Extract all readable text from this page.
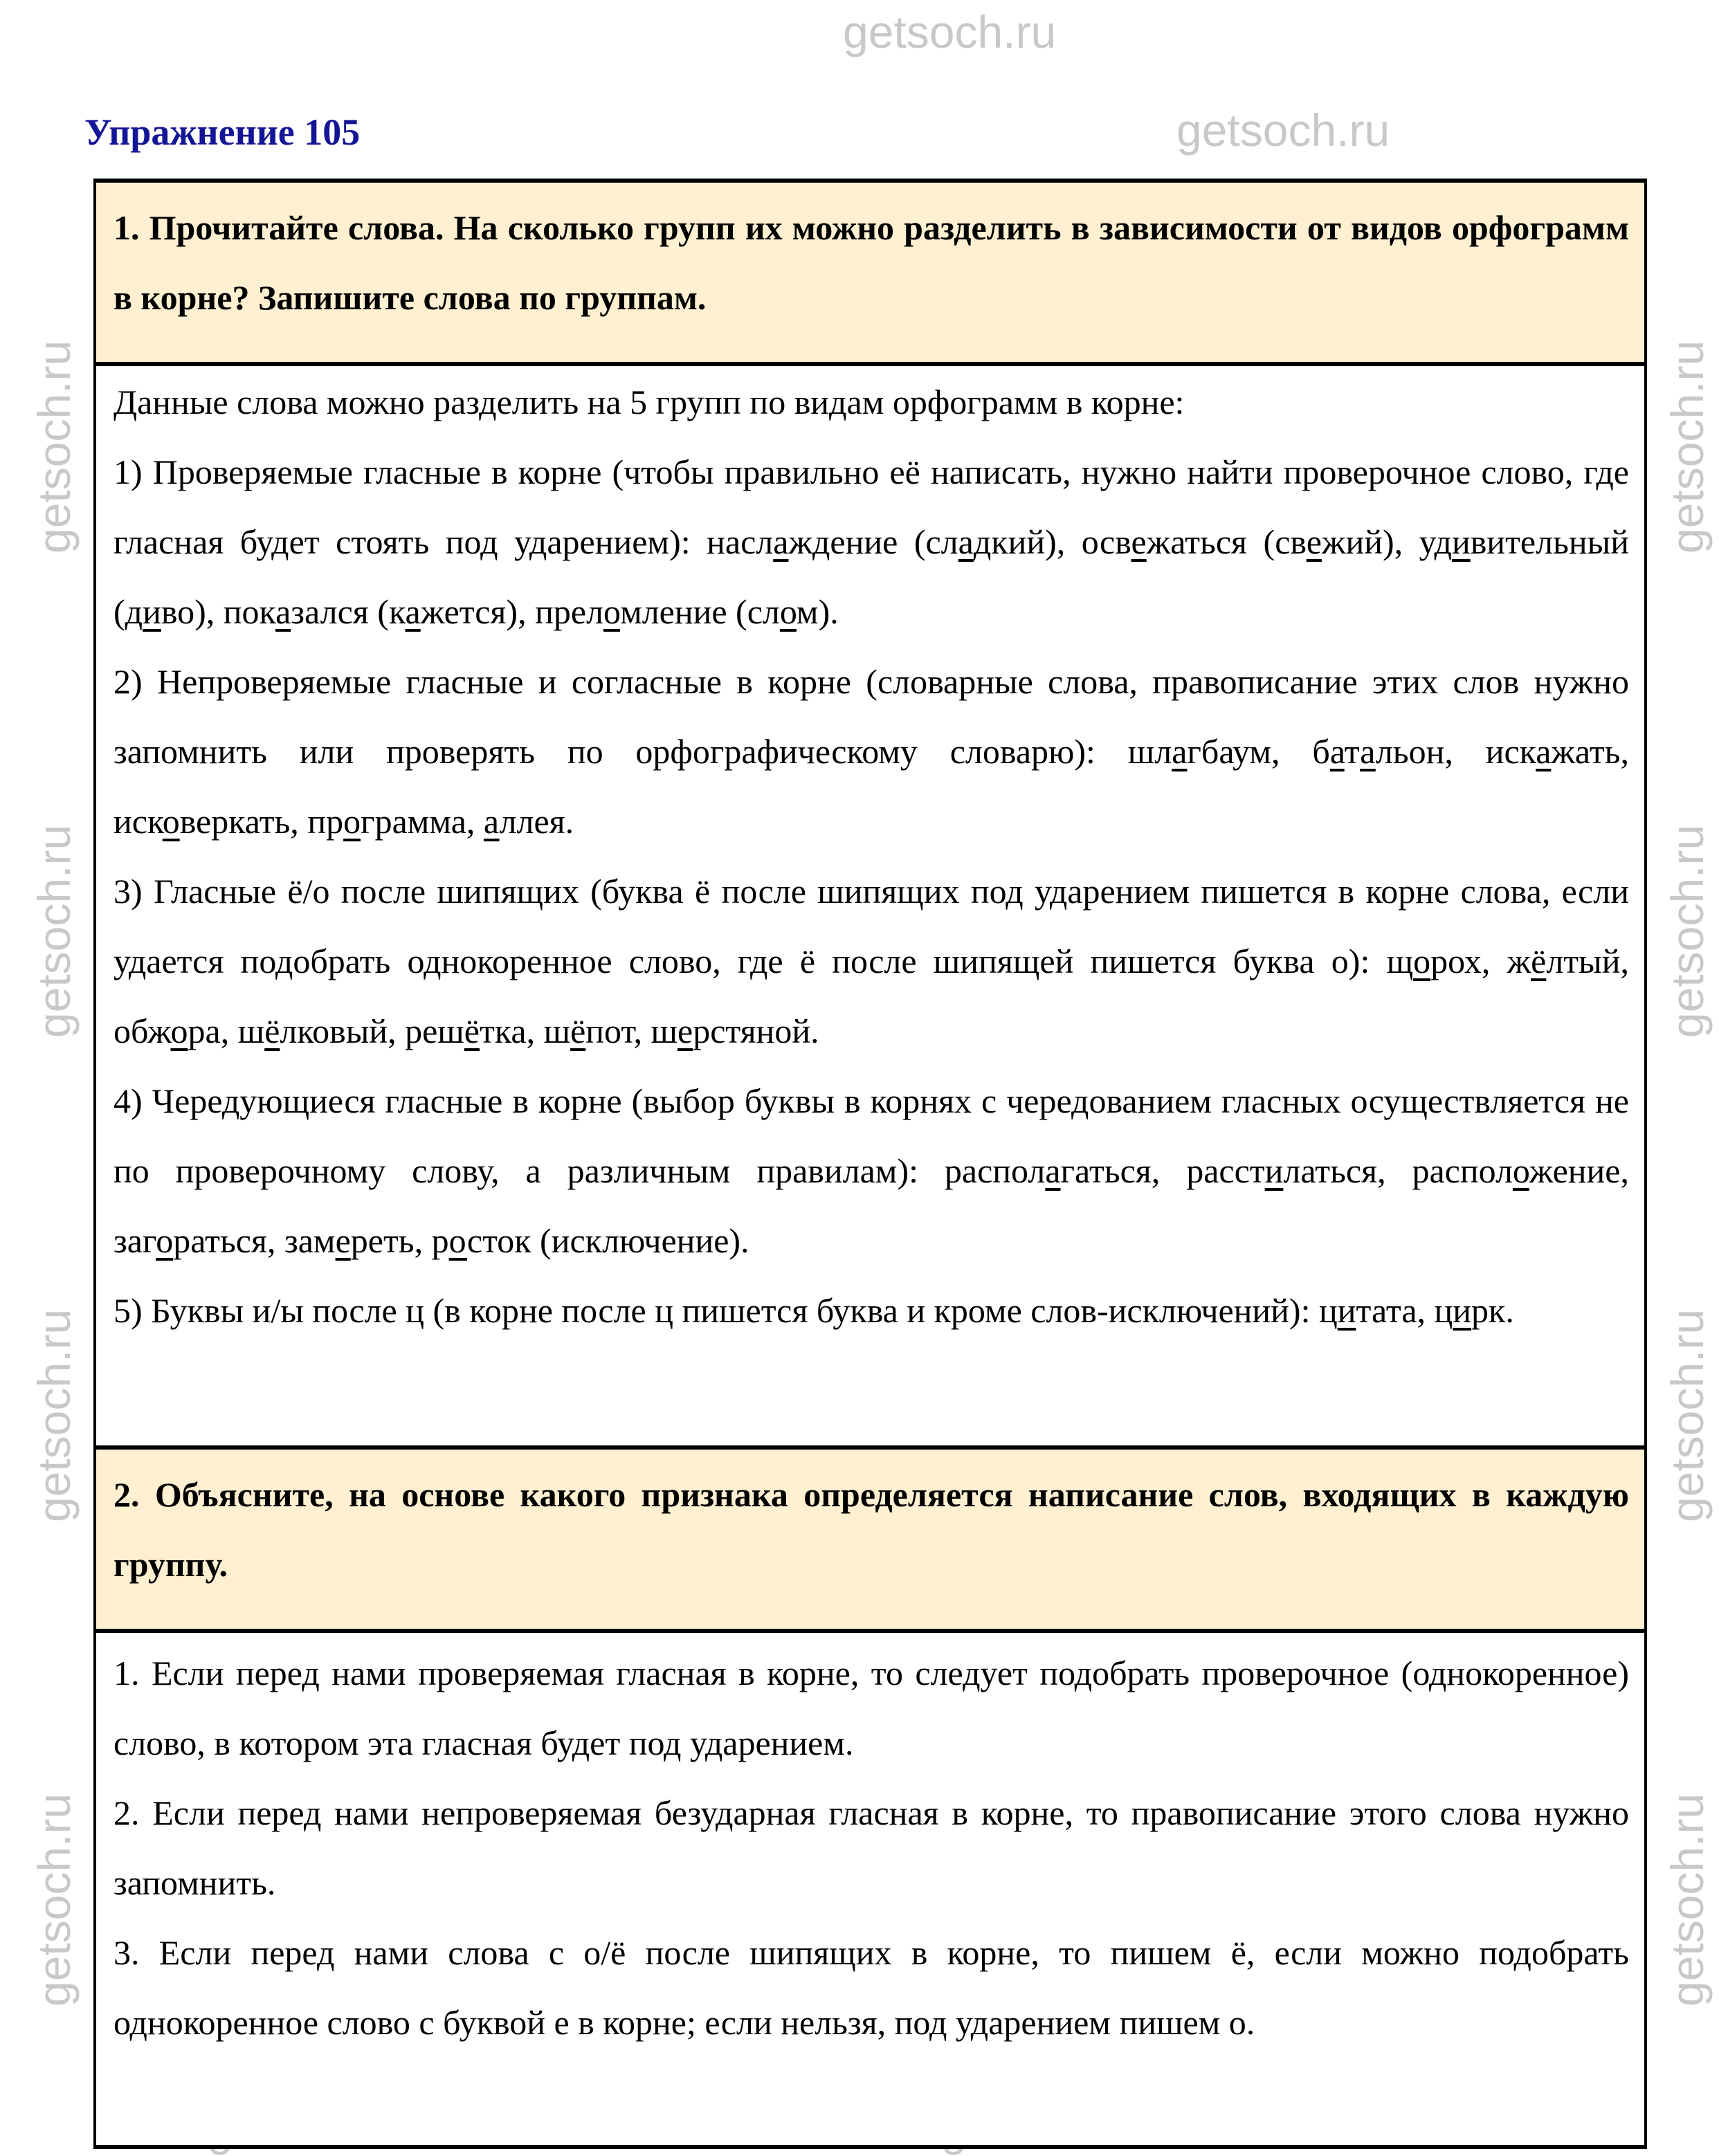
getsoch.ru
getsoch.ru
getsoch.ru
getsoch.ru
getsoch.ru
getsoch.ru
getsoch.ru
getsoch.ru
getsoch.ru
getsoch.ru
Упражнение 105

1. Прочитайте слова. На сколько групп их можно разделить в зависимости от видов орфограмм в корне? Запишите слова по группам.

Данные слова можно разделить на 5 групп по видам орфограмм в корне:

1) Проверяемые гласные в корне (чтобы правильно её написать, нужно найти проверочное слово, где гласная будет стоять под ударением): наслаждение (сладкий), освежаться (свежий), удивительный (диво), показался (кажется), преломление (слом).

2) Непроверяемые гласные и согласные в корне (словарные слова, правописание этих слов нужно запомнить или проверять по орфографическому словарю): шлагбаум, батальон, искажать, исковеркать, программа, аллея.

3) Гласные ё/о после шипящих (буква ё после шипящих под ударением пишется в корне слова, если удается подобрать однокоренное слово, где ё после шипящей пишется буква о): щорох, жёлтый, обжора, шёлковый, решётка, шёпот, шерстяной.

4) Чередующиеся гласные в корне (выбор буквы в корнях с чередованием гласных осуществляется не по проверочному слову, а различным правилам): располагаться, расстилаться, расположение, загораться, замереть, росток (исключение).

5) Буквы и/ы после ц (в корне после ц пишется буква и кроме слов-исключений): цитата, цирк.

2. Объясните, на основе какого признака определяется написание слов, входящих в каждую группу.

1. Если перед нами проверяемая гласная в корне, то следует подобрать проверочное (однокоренное) слово, в котором эта гласная будет под ударением.

2. Если перед нами непроверяемая безударная гласная в корне, то правописание этого слова нужно запомнить.

3. Если перед нами слова с о/ё после шипящих в корне, то пишем ё, если можно подобрать однокоренное слово с буквой е в корне; если нельзя, под ударением пишем о.
